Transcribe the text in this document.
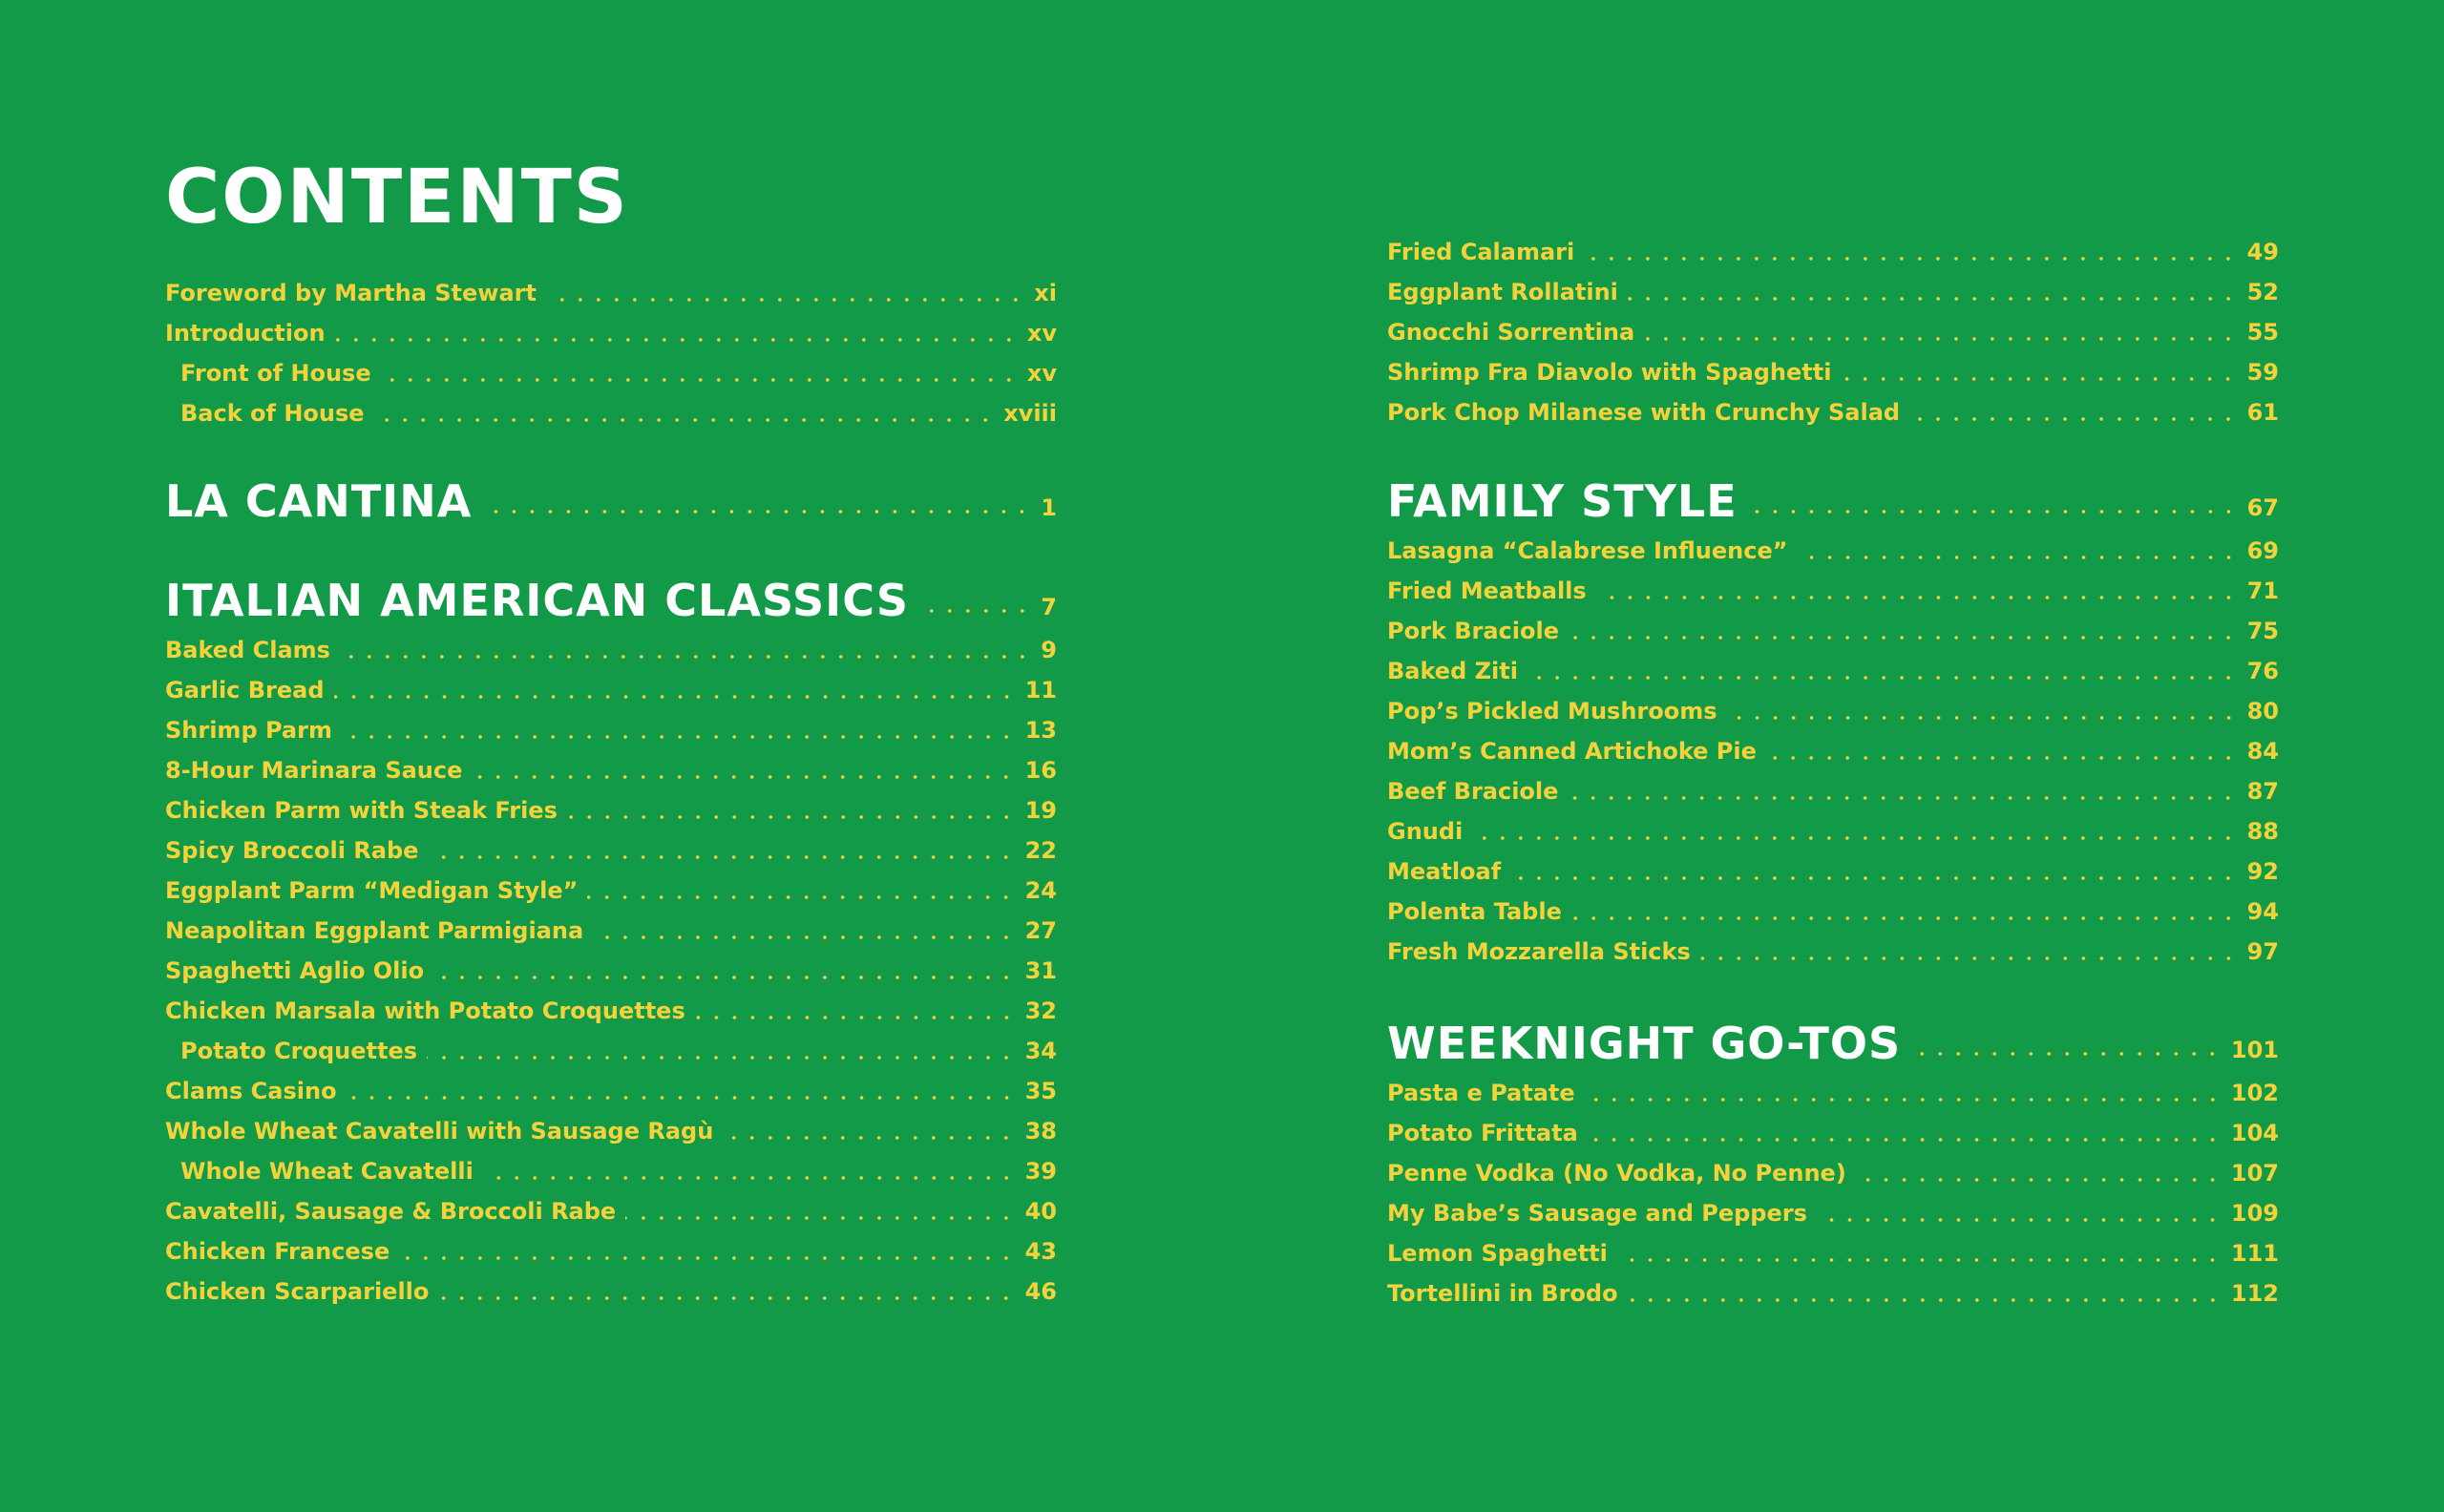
CONTENTS
Foreword by Martha Stewart	xi
Introduction	xv
Front of House	xv
Back of House	xviii
LA CANTINA	1
ITALIAN AMERICAN CLASSICS	7
Baked Clams	9
Garlic Bread	11
Shrimp Parm	13
8-Hour Marinara Sauce	16
Chicken Parm with Steak Fries	19
Spicy Broccoli Rabe	22
Eggplant Parm “Medigan Style”	24
Neapolitan Eggplant Parmigiana	27
Spaghetti Aglio Olio	31
Chicken Marsala with Potato Croquettes	32
Potato Croquettes	34
Clams Casino	35
Whole Wheat Cavatelli with Sausage Ragù	38
Whole Wheat Cavatelli	39
Cavatelli, Sausage & Broccoli Rabe	40
Chicken Francese	43
Chicken Scarpariello	46
Fried Calamari	49
Eggplant Rollatini	52
Gnocchi Sorrentina	55
Shrimp Fra Diavolo with Spaghetti	59
Pork Chop Milanese with Crunchy Salad	61
FAMILY STYLE	67
Lasagna “Calabrese Influence”	69
Fried Meatballs	71
Pork Braciole	75
Baked Ziti	76
Pop’s Pickled Mushrooms	80
Mom’s Canned Artichoke Pie	84
Beef Braciole	87
Gnudi	88
Meatloaf	92
Polenta Table	94
Fresh Mozzarella Sticks	97
WEEKNIGHT GO-TOS	101
Pasta e Patate	102
Potato Frittata	104
Penne Vodka (No Vodka, No Penne)	107
My Babe’s Sausage and Peppers	109
Lemon Spaghetti	111
Tortellini in Brodo	112
